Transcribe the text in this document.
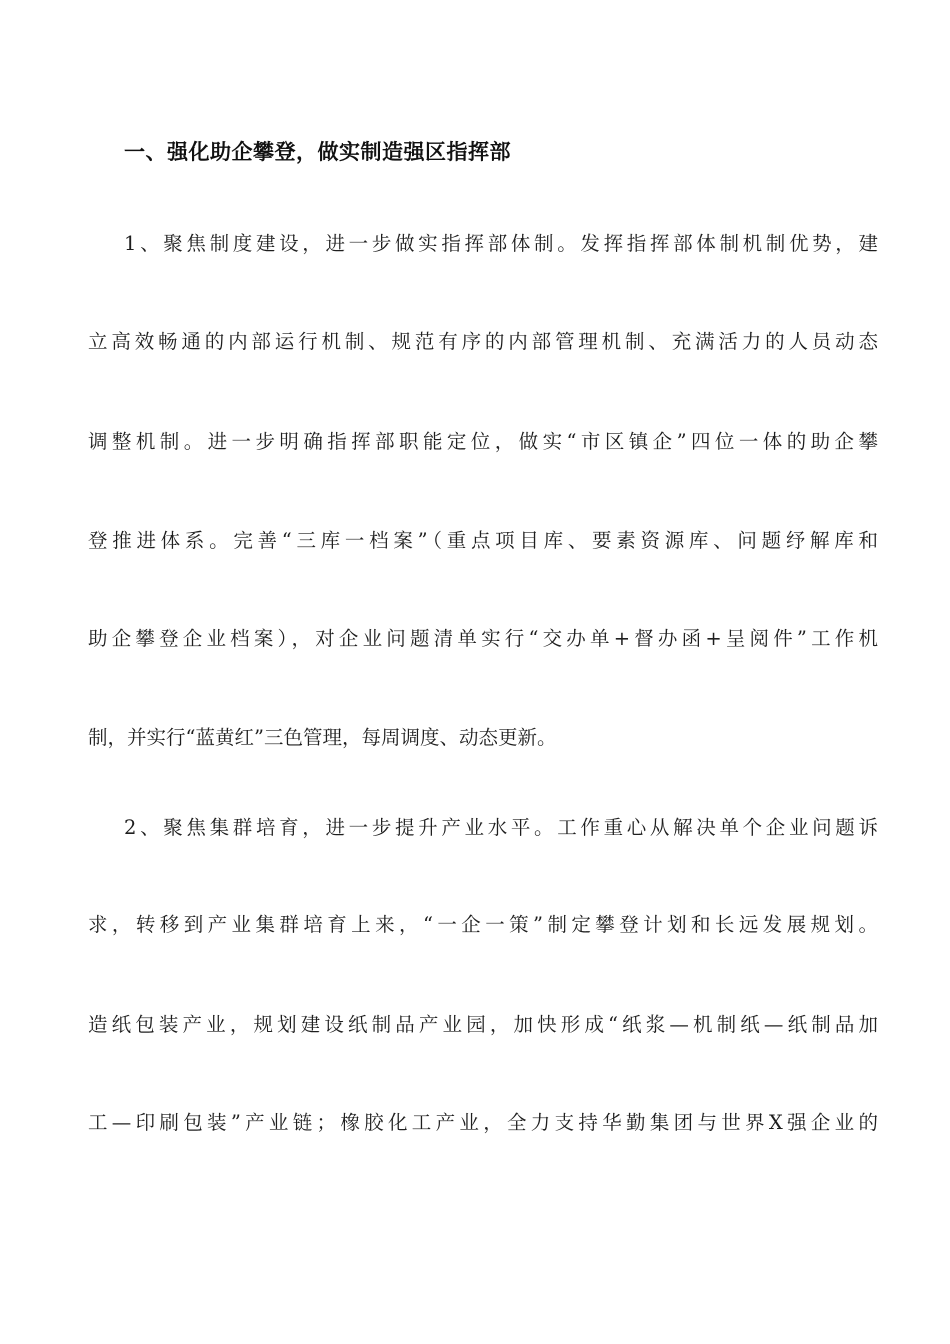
一、强化助企攀登，做实制造强区指挥部
1、聚焦制度建设，进一步做实指挥部体制。发挥指挥部体制机制优势，建
立高效畅通的内部运行机制、规范有序的内部管理机制、充满活力的人员动态
调整机制。进一步明确指挥部职能定位，做实“市区镇企”四位一体的助企攀
登推进体系。完善“三库一档案”（重点项目库、要素资源库、问题纾解库和
助企攀登企业档案），对企业问题清单实行“交办单+督办函+呈阅件”工作机
制，并实行“蓝黄红”三色管理，每周调度、动态更新。
2、聚焦集群培育，进一步提升产业水平。工作重心从解决单个企业问题诉
求，转移到产业集群培育上来，“一企一策”制定攀登计划和长远发展规划。
造纸包装产业，规划建设纸制品产业园，加快形成“纸浆—机制纸—纸制品加
工—印刷包装”产业链；橡胶化工产业，全力支持华勤集团与世界X强企业的
